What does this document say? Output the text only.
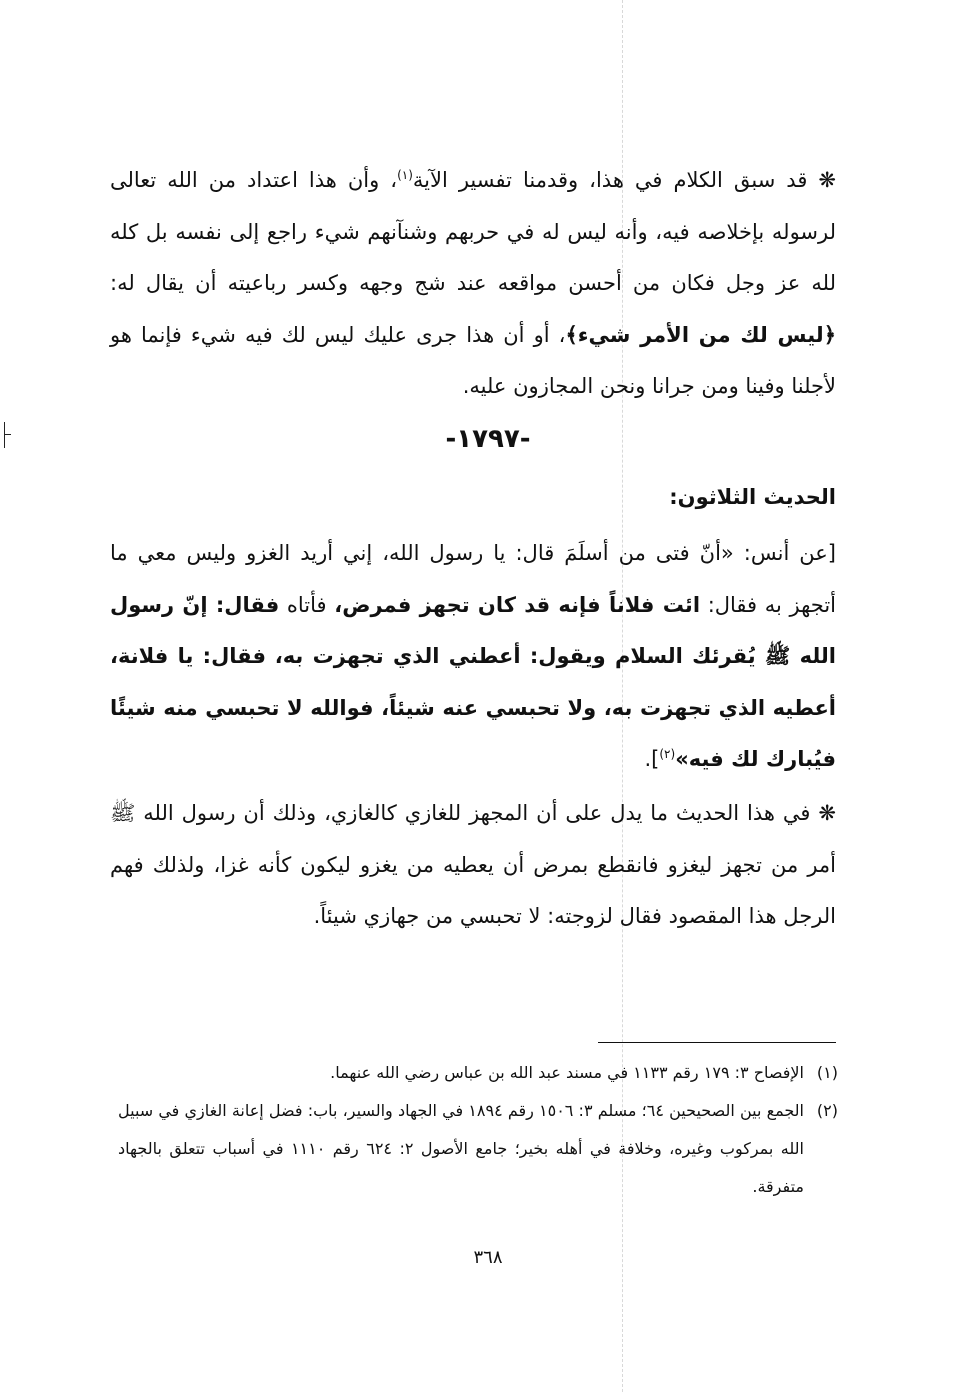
❋ قد سبق الكلام في هذا، وقدمنا تفسير الآية$^{(١)}$، وأن هذا اعتداد من الله تعالى لرسوله بإخلاصه فيه، وأنه ليس له في حربهم وشنآنهم شيء راجع إلى نفسه بل كله لله عز وجل فكان من أحسن مواقعه عند شج وجهه وكسر رباعيته أن يقال له: ﴿ليس لك من الأمر شيء﴾، أو أن هذا جرى عليك ليس لك فيه شيء فإنما هو لأجلنا وفينا ومن جرانا ونحن المجازون عليه.
-١٧٩٧-
الحديث الثلاثون:
[عن أنس: «أنّ فتى من أسلَمَ قال: يا رسول الله، إني أريد الغزو وليس معي ما أتجهز به فقال: ائت فلاناً فإنه قد كان تجهز فمرض، فأتاه فقال: إنّ رسول الله ﷺ يُقرئك السلام ويقول: أعطني الذي تجهزت به، فقال: يا فلانة، أعطيه الذي تجهزت به، ولا تحبسي عنه شيئاً، فوالله لا تحبسي منه شيئًا فيُبارك لك فيه»$^{(٢)}$].
❋ في هذا الحديث ما يدل على أن المجهز للغازي كالغازي، وذلك أن رسول الله ﷺ أمر من تجهز ليغزو فانقطع بمرض أن يعطيه من يغزو ليكون كأنه غزا، ولذلك فهم الرجل هذا المقصود فقال لزوجته: لا تحبسي من جهازي شيئاً.
(١)
الإفصاح ٣: ١٧٩ رقم ١١٣٣ في مسند عبد الله بن عباس رضي الله عنهما.
(٢)
الجمع بين الصحيحين ٦٤؛ مسلم ٣: ١٥٠٦ رقم ١٨٩٤ في الجهاد والسير، باب: فضل إعانة الغازي في سبيل الله بمركوب وغيره، وخلافة في أهله بخير؛ جامع الأصول ٢: ٦٢٤ رقم ١١١٠ في أسباب تتعلق بالجهاد متفرقة.
٣٦٨
